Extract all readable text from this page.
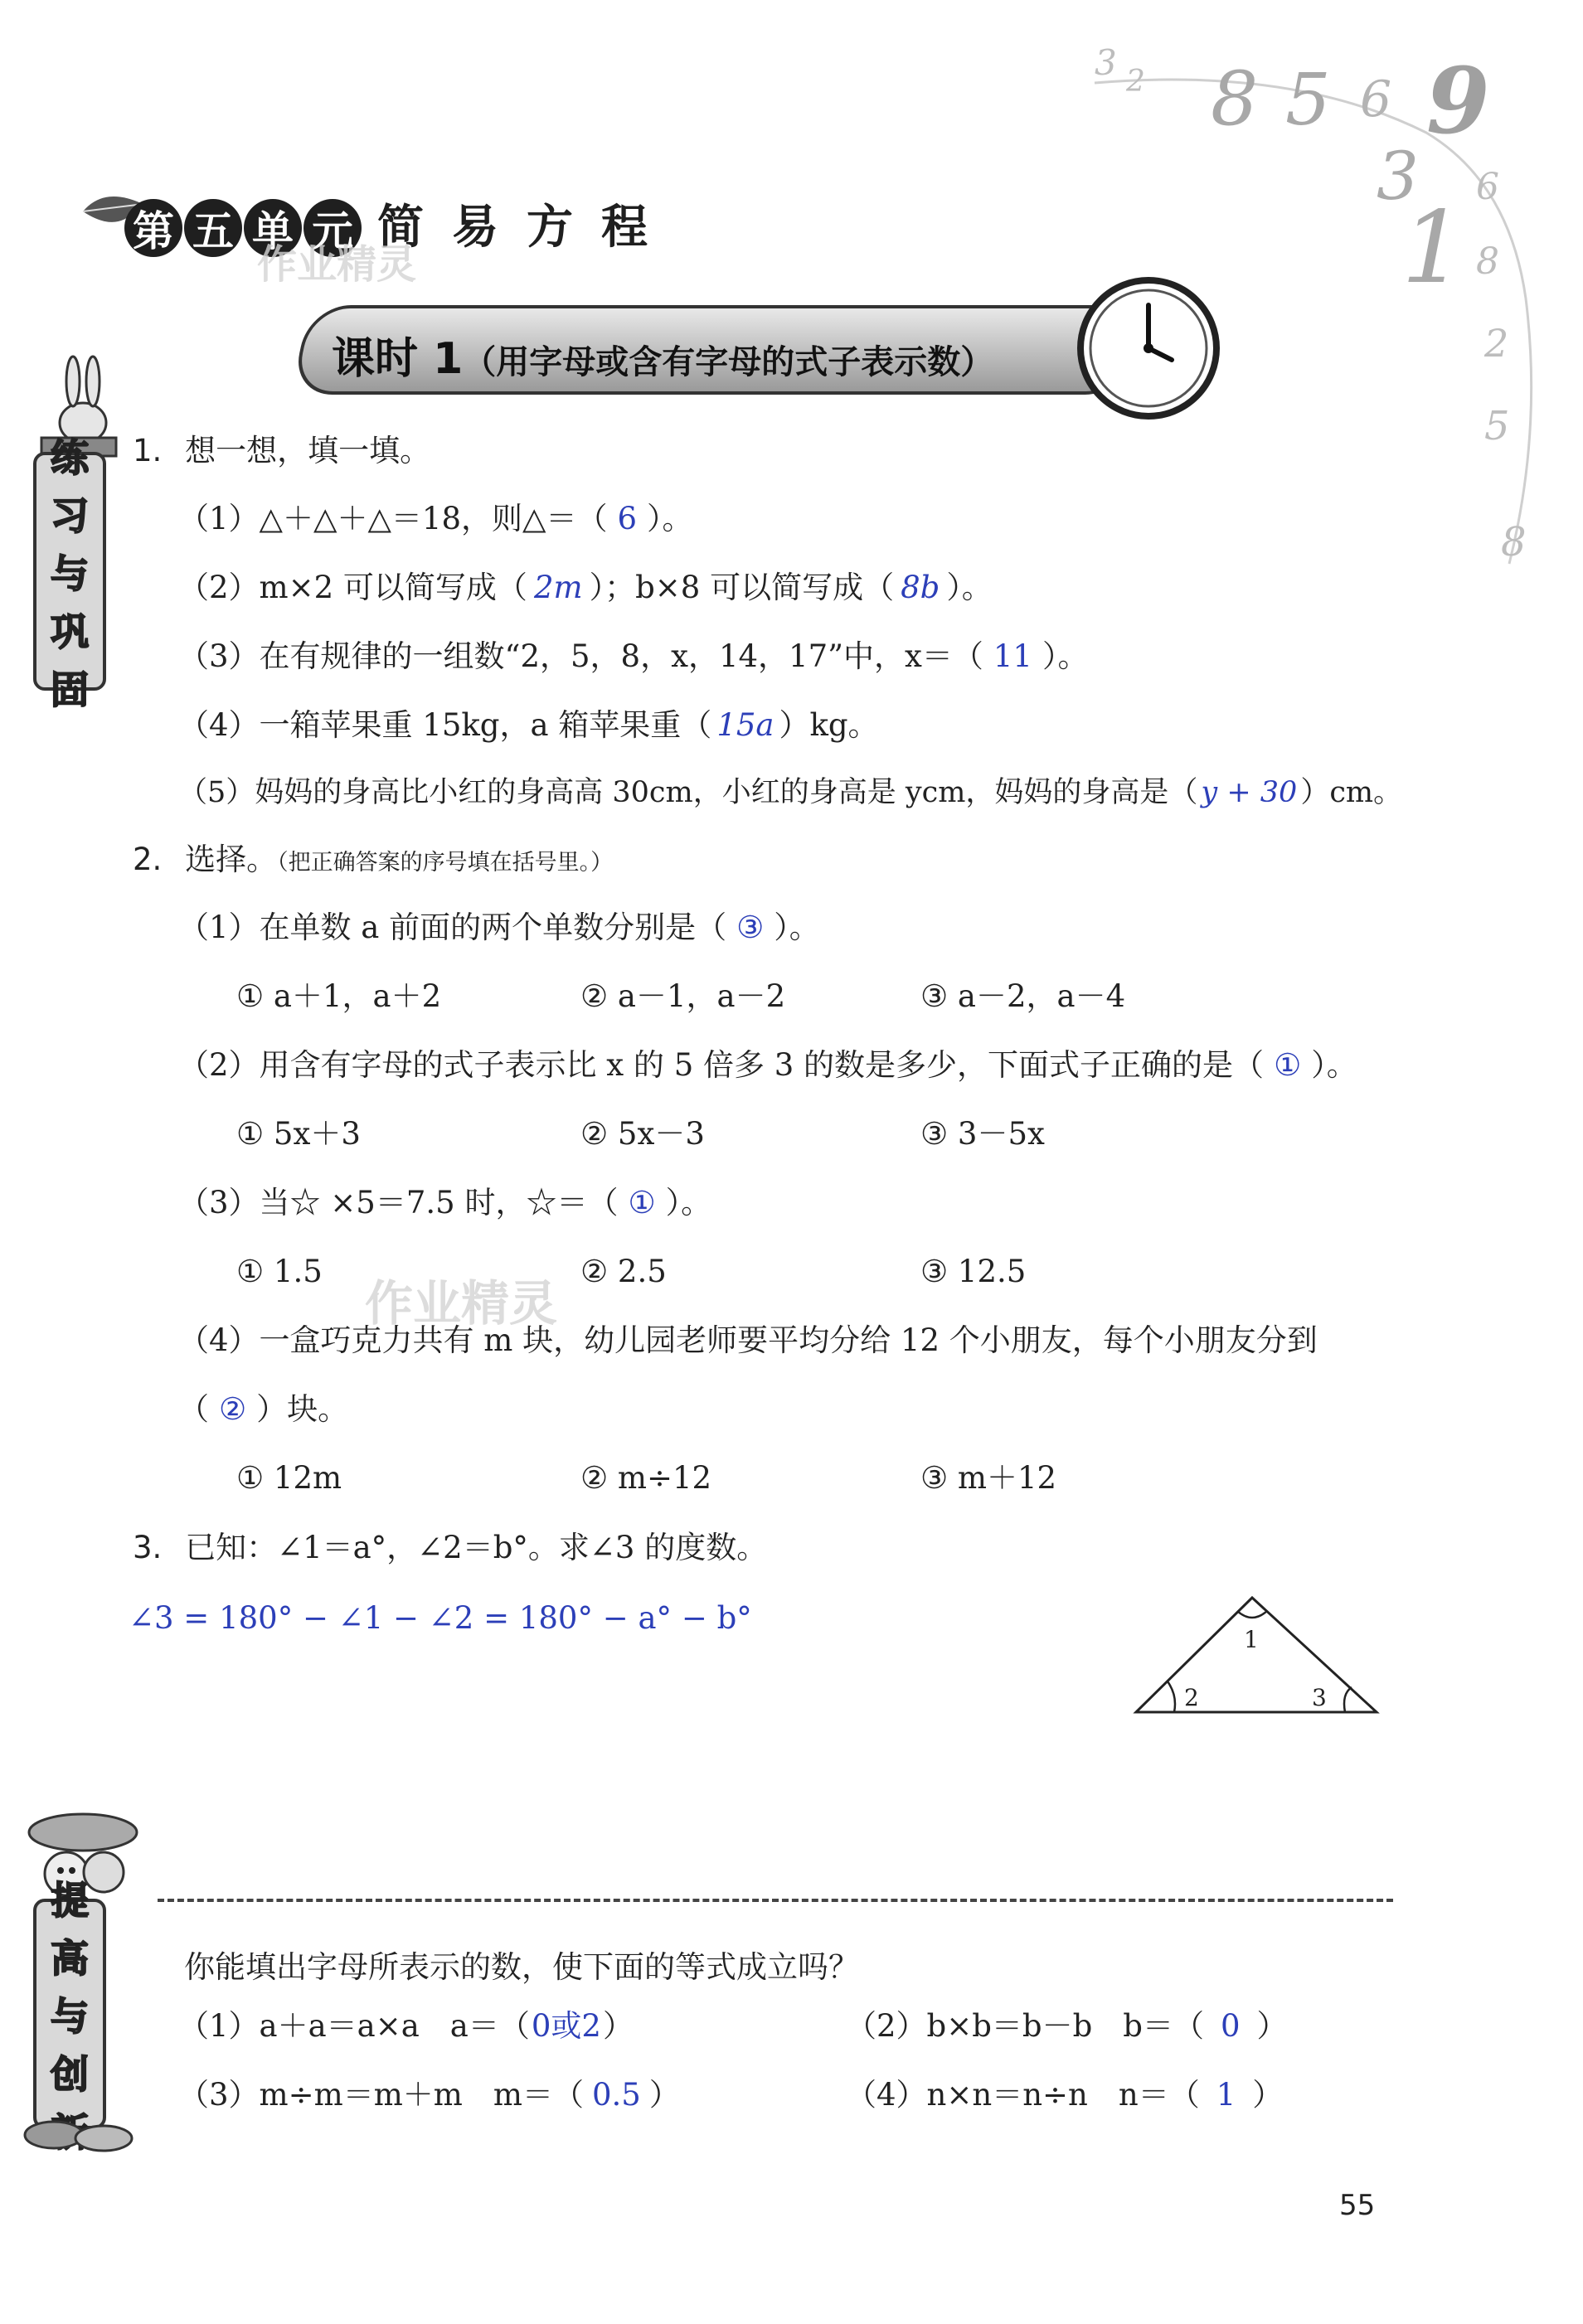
3 2 8 5 6 9
3 6
1 8
2
5
8
第 五 单 元 简 易 方 程
作业精灵
课时 1（用字母或含有字母的式子表示数）
练
习
与
巩
固
1. 想一想，填一填。
（1）△＋△＋△＝18，则△＝（ 6 ）。
（2）m×2 可以简写成（ 2m ）；b×8 可以简写成（ 8b ）。
（3）在有规律的一组数“2，5，8，x，14，17”中，x＝（ 11 ）。
（4）一箱苹果重 15kg，a 箱苹果重（ 15a ）kg。
（5）妈妈的身高比小红的身高高 30cm，小红的身高是 ycm，妈妈的身高是（ y + 30 ）cm。
2. 选择。（把正确答案的序号填在括号里。）
（1）在单数 a 前面的两个单数分别是（ ③ ）。
① a＋1，a＋2	② a－1，a－2	③ a－2，a－4
（2）用含有字母的式子表示比 x 的 5 倍多 3 的数是多少，下面式子正确的是（ ① ）。
① 5x＋3	② 5x－3	③ 3－5x
（3）当☆ ×5＝7.5 时，☆＝（ ① ）。
① 1.5	② 2.5	③ 12.5
作业精灵
（4）一盒巧克力共有 m 块，幼儿园老师要平均分给 12 个小朋友，每个小朋友分到
（ ② ）块。
① 12m	② m÷12	③ m＋12
3. 已知：∠1＝a°，∠2＝b°。求∠3 的度数。
∠3 = 180° − ∠1 − ∠2 = 180° − a° − b°
1
2	3
提
高
与
创
你能填出字母所表示的数，使下面的等式成立吗？
（1）a＋a＝a×a　a＝（0或2）	（2）b×b＝b－b　b＝（ 0 ）
（3）m÷m＝m＋m　m＝（ 0.5 ）	（4）n×n＝n÷n　n＝（ 1 ）
55
